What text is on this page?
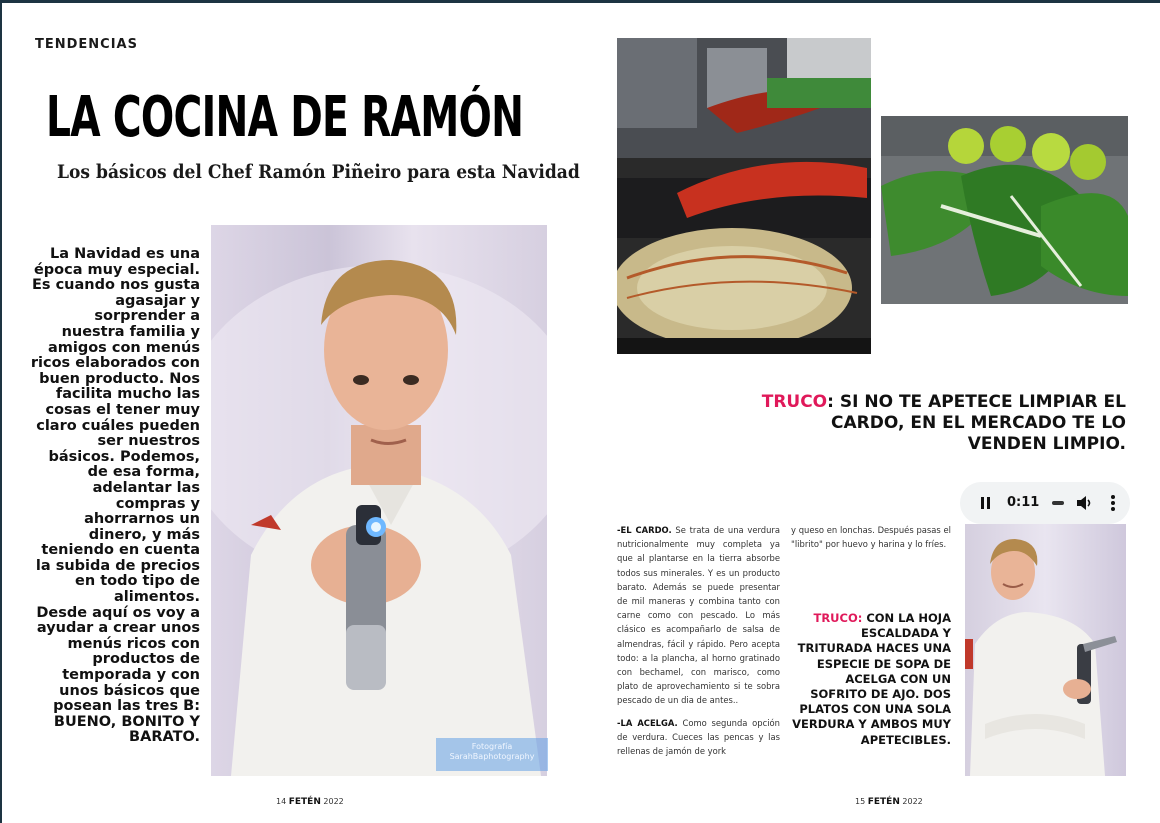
TENDENCIAS
LA COCINA DE RAMÓN
Los básicos del Chef Ramón Piñeiro para esta Navidad

La Navidad es una época muy especial. Es cuando nos gusta agasajar y sorprender a nuestra familia y amigos con menús ricos elaborados con buen producto. Nos facilita mucho las cosas el tener muy claro cuáles pueden ser nuestros básicos. Podemos, de esa forma, adelantar las compras y ahorrarnos un dinero, y más teniendo en cuenta la subida de precios en todo tipo de alimentos.

Desde aquí os voy a ayudar a crear unos menús ricos con productos de temporada y con unos básicos que posean las tres B: BUENO, BONITO Y BARATO.

Fotografía
SarahBaphotography
14 FETÉN 2022
TRUCO: SI NO TE APETECE LIMPIAR EL CARDO, EN EL MERCADO TE LO VENDEN LIMPIO.
0:11

-EL CARDO. Se trata de una verdura nutricionalmente muy completa ya que al plantarse en la tierra absorbe todos sus minerales. Y es un producto barato. Además se puede presentar de mil maneras y combina tanto con carne como con pescado. Lo más clásico es acompañarlo de salsa de almendras, fácil y rápido. Pero acepta todo: a la plancha, al horno gratinado con bechamel, con marisco, como plato de aprovechamiento si te sobra pescado de un dia de antes..

-LA ACELGA. Como segunda opción de verdura. Cueces las pencas y las rellenas de jamón de york

y queso en lonchas. Después pasas el "librito" por huevo y harina y lo fríes.

TRUCO: CON LA HOJA ESCALDADA Y TRITURADA HACES UNA ESPECIE DE SOPA DE ACELGA CON UN SOFRITO DE AJO. DOS PLATOS CON UNA SOLA VERDURA Y AMBOS MUY APETECIBLES.
15 FETÉN 2022
